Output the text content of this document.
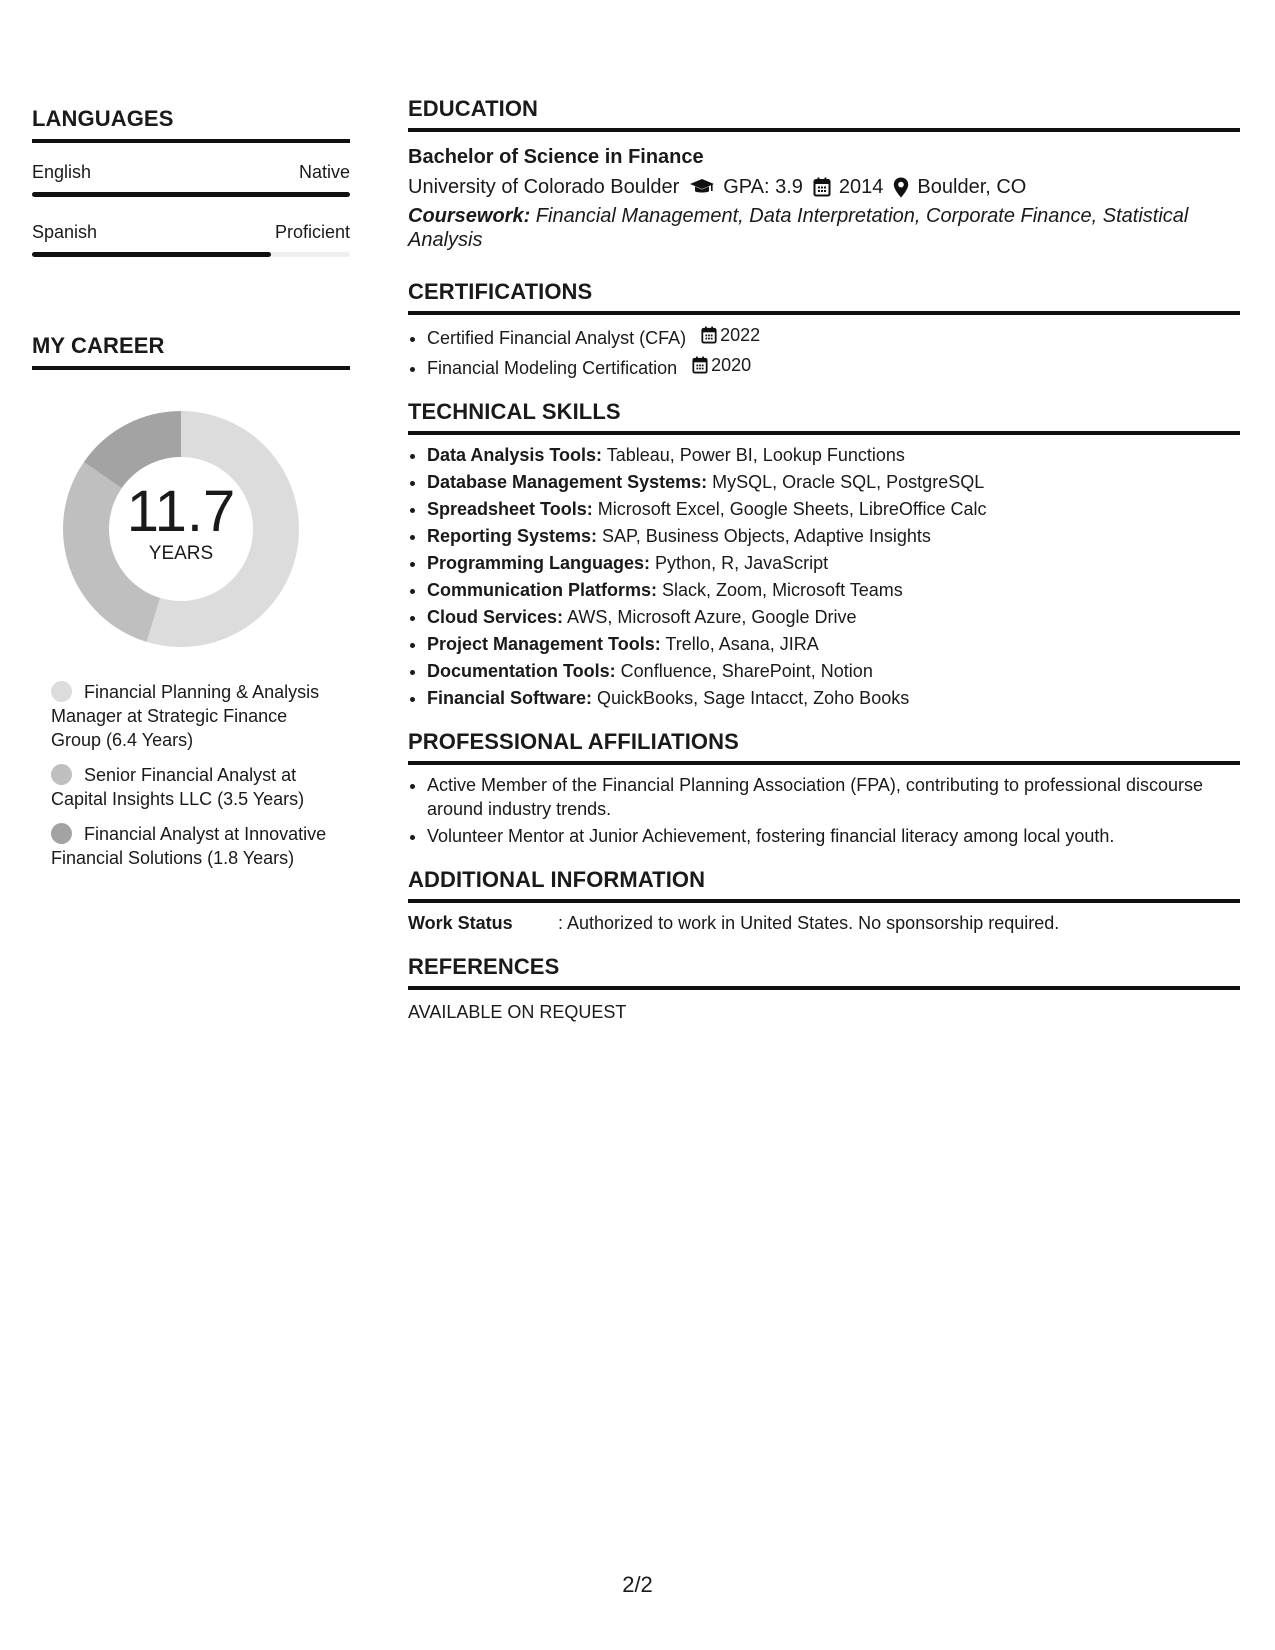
LANGUAGES
English	Native
Spanish	Proficient
MY CAREER
11.7
YEARS
Financial Planning & Analysis Manager at Strategic Finance Group (6.4 Years)
Senior Financial Analyst at Capital Insights LLC (3.5 Years)
Financial Analyst at Innovative Financial Solutions (1.8 Years)
EDUCATION
Bachelor of Science in Finance
University of Colorado Boulder GPA: 3.9 2014 Boulder, CO
Coursework: Financial Management, Data Interpretation, Corporate Finance, Statistical Analysis
CERTIFICATIONS
• Certified Financial Analyst (CFA) 2022
• Financial Modeling Certification 2020
TECHNICAL SKILLS
• Data Analysis Tools: Tableau, Power BI, Lookup Functions
• Database Management Systems: MySQL, Oracle SQL, PostgreSQL
• Spreadsheet Tools: Microsoft Excel, Google Sheets, LibreOffice Calc
• Reporting Systems: SAP, Business Objects, Adaptive Insights
• Programming Languages: Python, R, JavaScript
• Communication Platforms: Slack, Zoom, Microsoft Teams
• Cloud Services: AWS, Microsoft Azure, Google Drive
• Project Management Tools: Trello, Asana, JIRA
• Documentation Tools: Confluence, SharePoint, Notion
• Financial Software: QuickBooks, Sage Intacct, Zoho Books
PROFESSIONAL AFFILIATIONS
• Active Member of the Financial Planning Association (FPA), contributing to professional discourse around industry trends.
• Volunteer Mentor at Junior Achievement, fostering financial literacy among local youth.
ADDITIONAL INFORMATION
Work Status	: Authorized to work in United States. No sponsorship required.
REFERENCES
AVAILABLE ON REQUEST
2/2
